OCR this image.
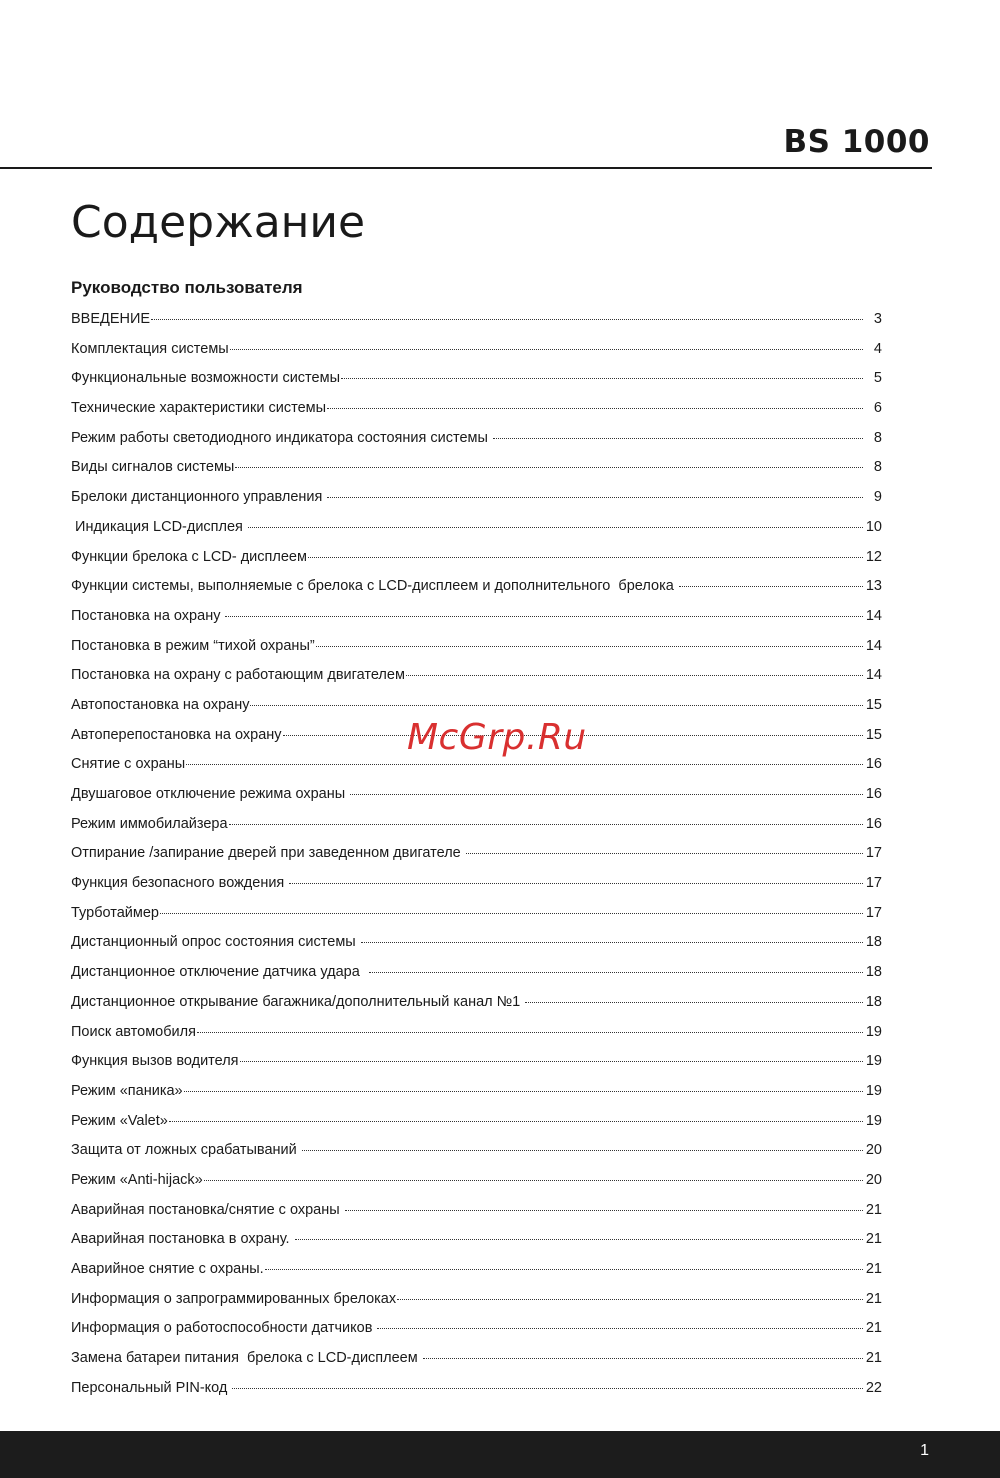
BS 1000
Содержание
Руководство пользователя
ВВЕДЕНИЕ	3
Комплектация системы	4
Функциональные возможности системы	5
Технические характеристики системы	6
Режим работы светодиодного индикатора состояния системы	8
Виды сигналов системы	8
Брелоки дистанционного управления	9
Индикация LCD-дисплея	10
Функции брелока с LCD- дисплеем	12
Функции системы, выполняемые с брелока с LCD-дисплеем и дополнительного  брелока	13
Постановка на охрану	14
Постановка в режим “тихой охраны”	14
Постановка на охрану с работающим двигателем	14
Автопостановка на охрану	15
Автоперепостановка на охрану	15
Снятие с охраны	16
Двушаговое отключение режима охраны	16
Режим иммобилайзера	16
Отпирание /запирание дверей при заведенном двигателе	17
Функция безопасного вождения	17
Турботаймер	17
Дистанционный опрос состояния системы	18
Дистанционное отключение датчика удара	18
Дистанционное открывание багажника/дополнительный канал №1	18
Поиск автомобиля	19
Функция вызов водителя	19
Режим «паника»	19
Режим «Valet»	19
Защита от ложных срабатываний	20
Режим «Anti-hijack»	20
Аварийная постановка/снятие с охраны	21
Аварийная постановка в охрану.	21
Аварийное снятие с охраны.	21
Информация о запрограммированных брелоках	21
Информация о работоспособности датчиков	21
Замена батареи питания  брелока с LCD-дисплеем	21
Персональный PIN-код	22
McGrp.Ru
1
